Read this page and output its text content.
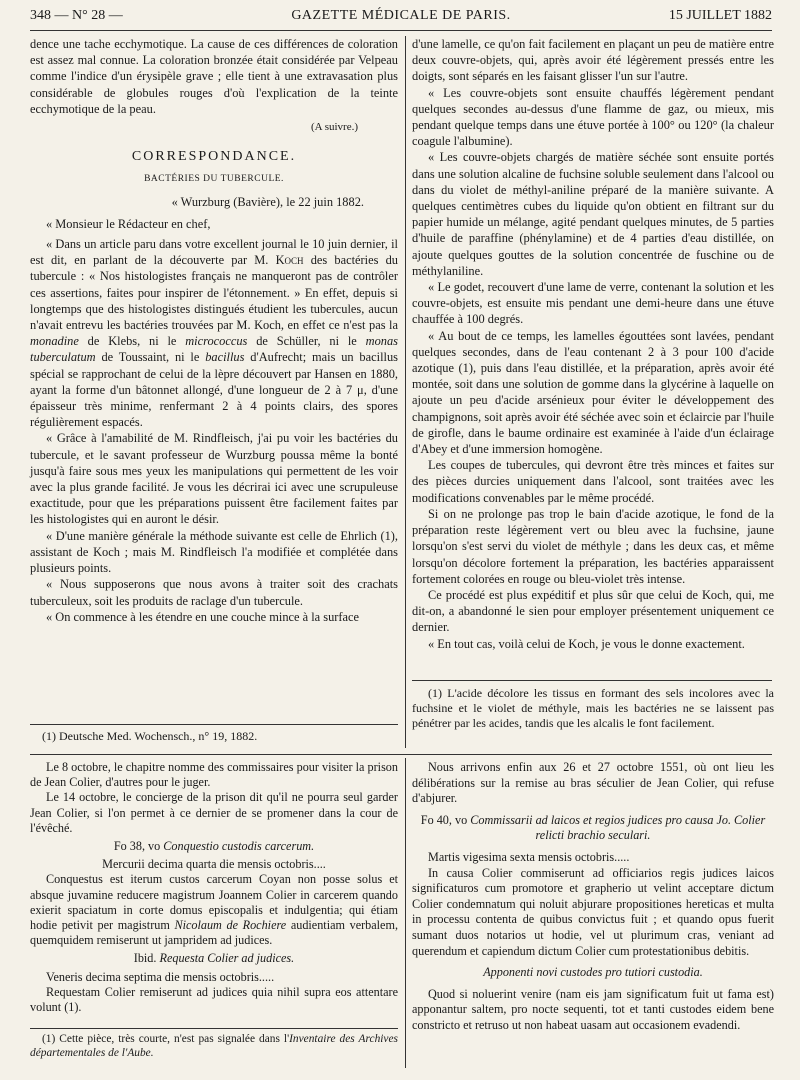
348 — N° 28 —	GAZETTE MÉDICALE DE PARIS.	15 JUILLET 1882

dence une tache ecchymotique. La cause de ces différences de coloration est assez mal connue. La coloration bronzée était considérée par Velpeau comme l'indice d'un érysipèle grave ; elle tient à une extravasation plus considérable de globules rouges d'où l'explication de la teinte ecchymotique de la peau.

(A suivre.)

CORRESPONDANCE.
BACTÉRIES DU TUBERCULE.

« Wurzburg (Bavière), le 22 juin 1882.

« Monsieur le Rédacteur en chef,

« Dans un article paru dans votre excellent journal le 10 juin dernier, il est dit, en parlant de la découverte par M. Koch des bactéries du tubercule : « Nos histologistes français ne manqueront pas de contrôler ces assertions, faites pour inspirer de l'étonnement. » En effet, depuis si longtemps que des histologistes distingués étudient les tubercules, aucun n'avait entrevu les bactéries trouvées par M. Koch, en effet ce n'est pas la monadine de Klebs, ni le micrococcus de Schüller, ni le monas tuberculatum de Toussaint, ni le bacillus d'Aufrecht; mais un bacillus spécial se rapprochant de celui de la lèpre découvert par Hansen en 1880, ayant la forme d'un bâtonnet allongé, d'une longueur de 2 à 7 μ, d'une épaisseur très minime, renfermant 2 à 4 points clairs, des spores régulièrement espacés.

« Grâce à l'amabilité de M. Rindfleisch, j'ai pu voir les bactéries du tubercule, et le savant professeur de Wurzburg poussa même la bonté jusqu'à faire sous mes yeux les manipulations qui permettent de les voir avec la plus grande facilité. Je vous les décrirai ici avec une scrupuleuse exactitude, pour que les préparations puissent être facilement faites par les histologistes qui en auront le désir.

« D'une manière générale la méthode suivante est celle de Ehrlich (1), assistant de Koch ; mais M. Rindfleisch l'a modifiée et complétée dans plusieurs points.

« Nous supposerons que nous avons à traiter soit des crachats tuberculeux, soit les produits de raclage d'un tubercule.

« On commence à les étendre en une couche mince à la surface

(1) Deutsche Med. Wochensch., n° 19, 1882.

d'une lamelle, ce qu'on fait facilement en plaçant un peu de matière entre deux couvre-objets, qui, après avoir été légèrement pressés entre les doigts, sont séparés en les faisant glisser l'un sur l'autre.

« Les couvre-objets sont ensuite chauffés légèrement pendant quelques secondes au-dessus d'une flamme de gaz, ou mieux, mis pendant quelque temps dans une étuve portée à 100° ou 120° (la chaleur coagule l'albumine).

« Les couvre-objets chargés de matière séchée sont ensuite portés dans une solution alcaline de fuchsine soluble seulement dans l'alcool ou dans du violet de méthyl-aniline préparé de la manière suivante. A quelques centimètres cubes du liquide qu'on obtient en filtrant sur du papier humide un mélange, agité pendant quelques minutes, de 5 parties d'huile de paraffine (phénylamine) et de 4 parties d'eau distillée, on ajoute quelques gouttes de la solution concentrée de fuschine ou de méthylaniline.

« Le godet, recouvert d'une lame de verre, contenant la solution et les couvre-objets, est ensuite mis pendant une demi-heure dans une étuve chauffée à 100 degrés.

« Au bout de ce temps, les lamelles égouttées sont lavées, pendant quelques secondes, dans de l'eau contenant 2 à 3 pour 100 d'acide azotique (1), puis dans l'eau distillée, et la préparation, après avoir été montée, soit dans une solution de gomme dans la glycérine à laquelle on ajoute un peu d'acide arsénieux pour éviter le développement des champignons, soit après avoir été séchée avec soin et éclaircie par l'huile de girofle, dans le baume ordinaire est examinée à l'aide d'un éclairage d'Abey et d'une immersion homogène.

Les coupes de tubercules, qui devront être très minces et faites sur des pièces durcies uniquement dans l'alcool, sont traitées avec les modifications convenables par le même procédé.

Si on ne prolonge pas trop le bain d'acide azotique, le fond de la préparation reste légèrement vert ou bleu avec la fuchsine, jaune lorsqu'on s'est servi du violet de méthyle ; dans les deux cas, et même lorsqu'on décolore fortement la préparation, les bactéries apparaissent fortement colorées en rouge ou bleu-violet très intense.

Ce procédé est plus expéditif et plus sûr que celui de Koch, qui, me dit-on, a abandonné le sien pour employer présentement uniquement ce dernier.

« En tout cas, voilà celui de Koch, je vous le donne exactement.

(1) L'acide décolore les tissus en formant des sels incolores avec la fuchsine et le violet de méthyle, mais les bactéries ne se laissent pas pénétrer par les acides, tandis que les alcalis le font facilement.

Le 8 octobre, le chapitre nomme des commissaires pour visiter la prison de Jean Colier, d'autres pour le juger.

Le 14 octobre, le concierge de la prison dit qu'il ne pourra seul garder Jean Colier, si l'on permet à ce dernier de se promener dans la cour de l'évêché.

Fo 38, vo Conquestio custodis carcerum.

Mercurii decima quarta die mensis octobris....

Conquestus est iterum custos carcerum Coyan non posse solus et absque juvamine reducere magistrum Joannem Colier in carcerem quando exierit spaciatum in corte domus episcopalis et indulgentia; qui étiam hodie petivit per magistrum Nicolaum de Rochiere audientiam verbalem, quemquidem remiserunt ut jampridem ad judices.

Ibid. Requesta Colier ad judices.

Veneris decima septima die mensis octobris.....

Requestam Colier remiserunt ad judices quia nihil supra eos attentare volunt (1).

(1) Cette pièce, très courte, n'est pas signalée dans l'Inventaire des Archives départementales de l'Aube.

Nous arrivons enfin aux 26 et 27 octobre 1551, où ont lieu les délibérations sur la remise au bras séculier de Jean Colier, qui refuse d'abjurer.

Fo 40, vo Commissarii ad laicos et regios judices pro causa Jo. Colier relicti brachio seculari.

Martis vigesima sexta mensis octobris.....

In causa Colier commiserunt ad officiarios regis judices laicos significaturos cum promotore et grapherio ut velint acceptare dictum Colier condemnatum qui noluit abjurare propositiones hereticas et multa in processu contenta de quibus convictus fuit ; et quando opus fuerit sumant duos notarios ut hodie, vel ut plurimum cras, veniant ad querendum et capiendum dictum Colier cum protestationibus debitis.

Apponenti novi custodes pro tutiori custodia.

Quod si noluerint venire (nam eis jam significatum fuit ut fama est) apponantur saltem, pro nocte sequenti, tot et tanti custodes eidem bene constricto et retruso ut non habeat uasam aut occasionem evadendi.
